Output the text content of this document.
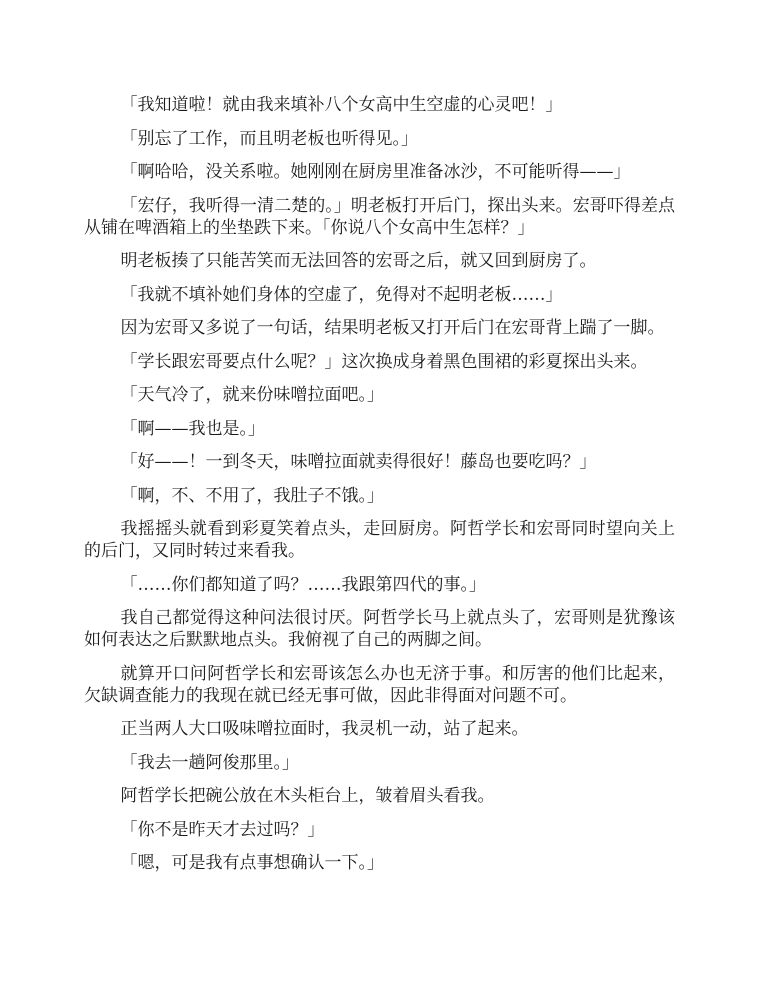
「我知道啦！就由我来填补八个女高中生空虚的心灵吧！」

「别忘了工作，而且明老板也听得见。」

「啊哈哈，没关系啦。她刚刚在厨房里准备冰沙，不可能听得——」

「宏仔，我听得一清二楚的。」明老板打开后门，探出头来。宏哥吓得差点从铺在啤酒箱上的坐垫跌下来。「你说八个女高中生怎样？」

明老板揍了只能苦笑而无法回答的宏哥之后，就又回到厨房了。

「我就不填补她们身体的空虚了，免得对不起明老板……」

因为宏哥又多说了一句话，结果明老板又打开后门在宏哥背上踹了一脚。

「学长跟宏哥要点什么呢？」这次换成身着黑色围裙的彩夏探出头来。

「天气冷了，就来份味噌拉面吧。」

「啊——我也是。」

「好——！一到冬天，味噌拉面就卖得很好！藤岛也要吃吗？」

「啊，不、不用了，我肚子不饿。」

我摇摇头就看到彩夏笑着点头，走回厨房。阿哲学长和宏哥同时望向关上的后门，又同时转过来看我。

「……你们都知道了吗？……我跟第四代的事。」

我自己都觉得这种问法很讨厌。阿哲学长马上就点头了，宏哥则是犹豫该如何表达之后默默地点头。我俯视了自己的两脚之间。

就算开口问阿哲学长和宏哥该怎么办也无济于事。和厉害的他们比起来，欠缺调查能力的我现在就已经无事可做，因此非得面对问题不可。

正当两人大口吸味噌拉面时，我灵机一动，站了起来。

「我去一趟阿俊那里。」

阿哲学长把碗公放在木头柜台上，皱着眉头看我。

「你不是昨天才去过吗？」

「嗯，可是我有点事想确认一下。」
